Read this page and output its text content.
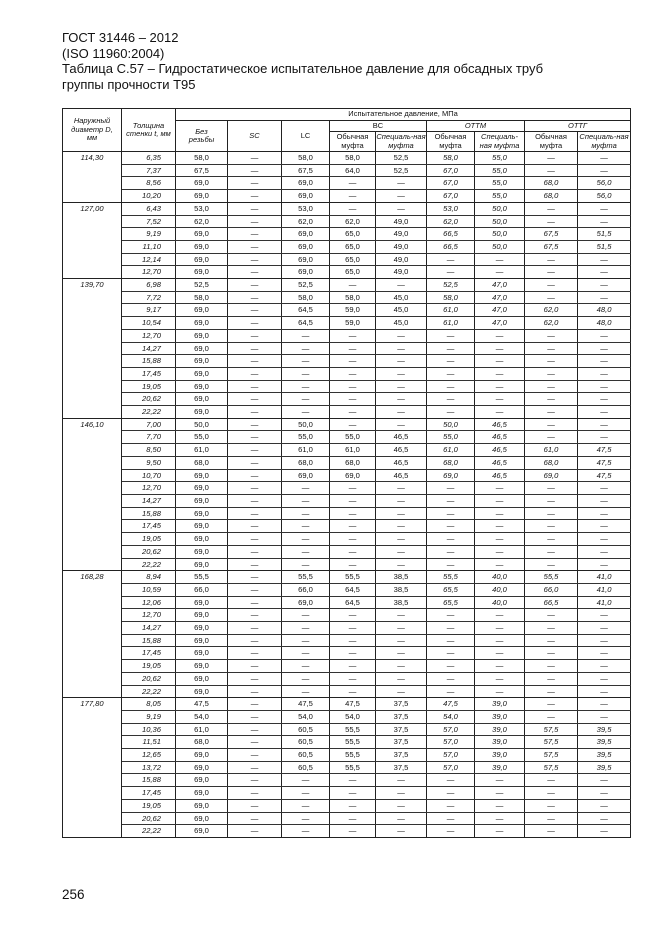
ГОСТ 31446 – 2012
(ISO 11960:2004)
Таблица С.57 – Гидростатическое испытательное давление для обсадных труб
группы прочности Т95
Наружный диаметр D, мм	Толщина стенки t, мм	Испытательное давление, МПа								
		Без резьбы	SC	LC	BC		ОТТМ		ОТТГ	
					Обычная муфта	Специаль-ная муфта	Обычная муфта	Специаль-ная муфта	Обычная муфта	Специаль-ная муфта
114,30	6,35	58,0	—	58,0	58,0	52,5	58,0	55,0	—	—
	7,37	67,5	—	67,5	64,0	52,5	67,0	55,0	—	—
	8,56	69,0	—	69,0	—	—	67,0	55,0	68,0	56,0
	10,20	69,0	—	69,0	—	—	67,0	55,0	68,0	56,0
127,00	6,43	53,0	—	53,0	—	—	53,0	50,0	—	—
	7,52	62,0	—	62,0	62,0	49,0	62,0	50,0	—	—
	9,19	69,0	—	69,0	65,0	49,0	66,5	50,0	67,5	51,5
	11,10	69,0	—	69,0	65,0	49,0	66,5	50,0	67,5	51,5
	12,14	69,0	—	69,0	65,0	49,0	—	—	—	—
	12,70	69,0	—	69,0	65,0	49,0	—	—	—	—
139,70	6,98	52,5	—	52,5	—	—	52,5	47,0	—	—
	7,72	58,0	—	58,0	58,0	45,0	58,0	47,0	—	—
	9,17	69,0	—	64,5	59,0	45,0	61,0	47,0	62,0	48,0
	10,54	69,0	—	64,5	59,0	45,0	61,0	47,0	62,0	48,0
	12,70	69,0	—	—	—	—	—	—	—	—
	14,27	69,0	—	—	—	—	—	—	—	—
	15,88	69,0	—	—	—	—	—	—	—	—
	17,45	69,0	—	—	—	—	—	—	—	—
	19,05	69,0	—	—	—	—	—	—	—	—
	20,62	69,0	—	—	—	—	—	—	—	—
	22,22	69,0	—	—	—	—	—	—	—	—
146,10	7,00	50,0	—	50,0	—	—	50,0	46,5	—	—
	7,70	55,0	—	55,0	55,0	46,5	55,0	46,5	—	—
	8,50	61,0	—	61,0	61,0	46,5	61,0	46,5	61,0	47,5
	9,50	68,0	—	68,0	68,0	46,5	68,0	46,5	68,0	47,5
	10,70	69,0	—	69,0	69,0	46,5	69,0	46,5	69,0	47,5
	12,70	69,0	—	—	—	—	—	—	—	—
	14,27	69,0	—	—	—	—	—	—	—	—
	15,88	69,0	—	—	—	—	—	—	—	—
	17,45	69,0	—	—	—	—	—	—	—	—
	19,05	69,0	—	—	—	—	—	—	—	—
	20,62	69,0	—	—	—	—	—	—	—	—
	22,22	69,0	—	—	—	—	—	—	—	—
168,28	8,94	55,5	—	55,5	55,5	38,5	55,5	40,0	55,5	41,0
	10,59	66,0	—	66,0	64,5	38,5	65,5	40,0	66,0	41,0
	12,06	69,0	—	69,0	64,5	38,5	65,5	40,0	66,5	41,0
	12,70	69,0	—	—	—	—	—	—	—	—
	14,27	69,0	—	—	—	—	—	—	—	—
	15,88	69,0	—	—	—	—	—	—	—	—
	17,45	69,0	—	—	—	—	—	—	—	—
	19,05	69,0	—	—	—	—	—	—	—	—
	20,62	69,0	—	—	—	—	—	—	—	—
	22,22	69,0	—	—	—	—	—	—	—	—
177,80	8,05	47,5	—	47,5	47,5	37,5	47,5	39,0	—	—
	9,19	54,0	—	54,0	54,0	37,5	54,0	39,0	—	—
	10,36	61,0	—	60,5	55,5	37,5	57,0	39,0	57,5	39,5
	11,51	68,0	—	60,5	55,5	37,5	57,0	39,0	57,5	39,5
	12,65	69,0	—	60,5	55,5	37,5	57,0	39,0	57,5	39,5
	13,72	69,0	—	60,5	55,5	37,5	57,0	39,0	57,5	39,5
	15,88	69,0	—	—	—	—	—	—	—	—
	17,45	69,0	—	—	—	—	—	—	—	—
	19,05	69,0	—	—	—	—	—	—	—	—
	20,62	69,0	—	—	—	—	—	—	—	—
	22,22	69,0	—	—	—	—	—	—	—	—
256
